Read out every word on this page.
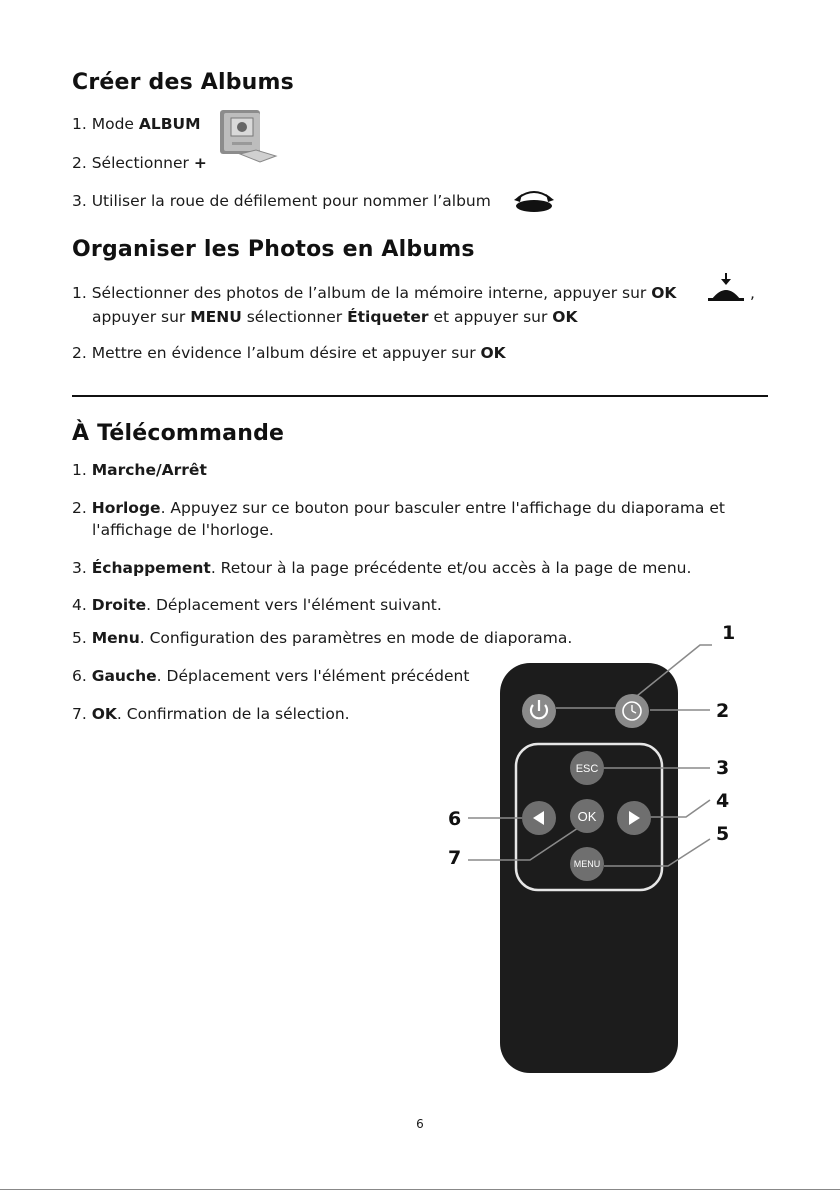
Créer des Albums
1. Mode ALBUM
2. Sélectionner +
3. Utiliser la roue de défilement pour nommer l’album
Organiser les Photos en Albums
1. Sélectionner des photos de l’album de la mémoire interne, appuyer sur OK	,
appuyer sur MENU sélectionner Étiqueter et appuyer sur OK
2. Mettre en évidence l’album désire et appuyer sur OK
À Télécommande
1. Marche/Arrêt
2. Horloge. Appuyez sur ce bouton pour basculer entre l'affichage du diaporama et
l'affichage de l'horloge.
3. Échappement. Retour à la page précédente et/ou accès à la page de menu.
4. Droite. Déplacement vers l'élément suivant.
5. Menu. Configuration des paramètres en mode de diaporama.
6. Gauche. Déplacement vers l'élément précédent
7. OK. Confirmation de la sélection.
ESC
OK
MENU
1
2
3
4
5
6
7
6
